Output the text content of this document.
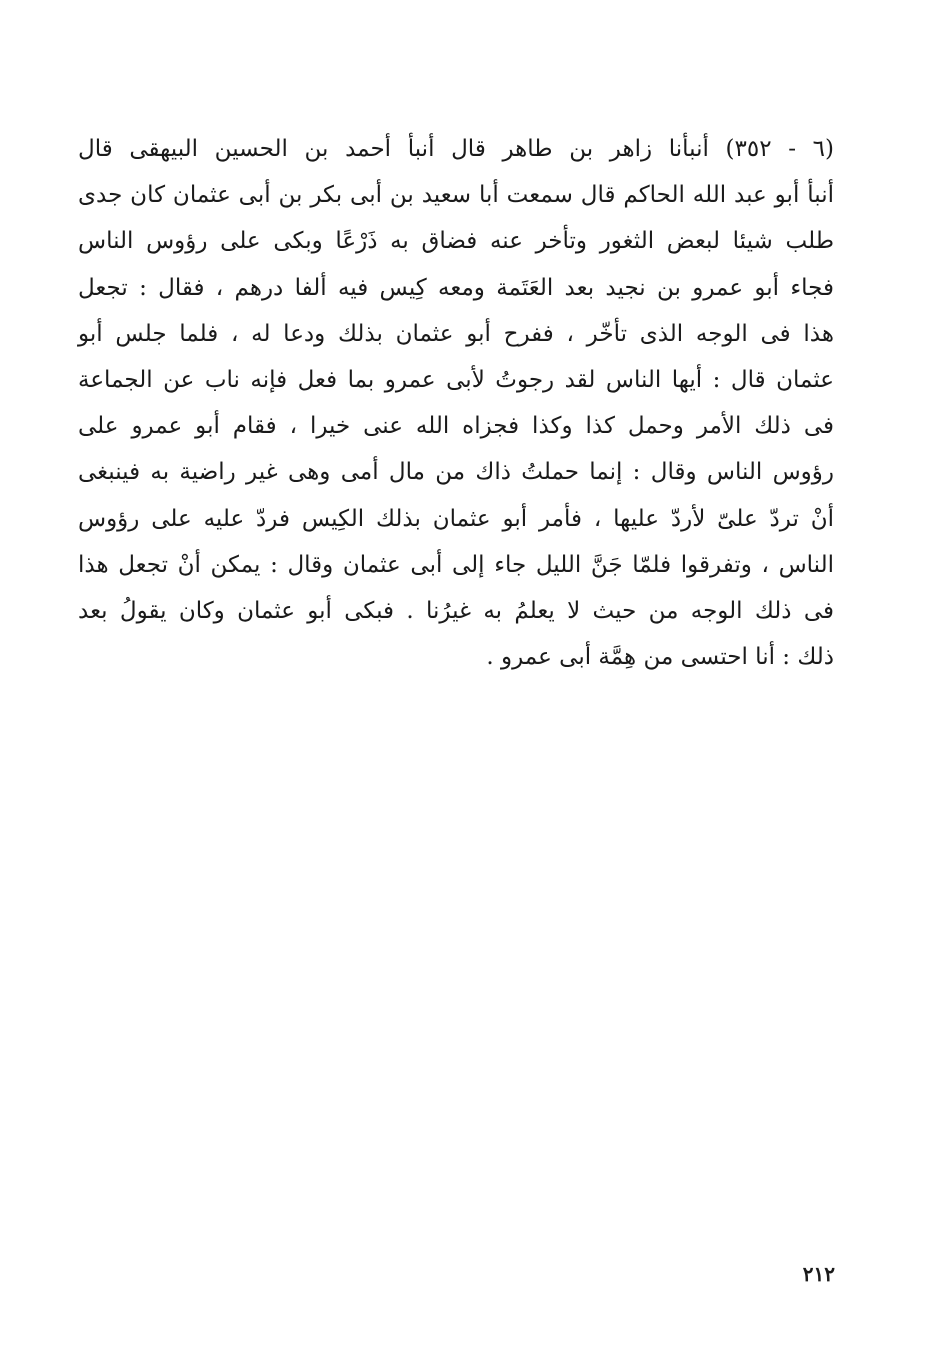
(٦ - ٣٥٢) أنبأنا زاهر بن طاهر قال أنبأ أحمد بن الحسين البيهقى قال
أنبأ أبو عبد الله الحاكم قال سمعت أبا سعيد بن أبى بكر بن أبى عثمان كان جدى
طلب شيئا لبعض الثغور وتأخر عنه فضاق به ذَرْعًا وبكى على رؤوس الناس
فجاء أبو عمرو بن نجيد بعد العَتَمة ومعه كِيس فيه ألفا درهم ، فقال : تجعل
هذا فى الوجه الذى تأخّر ، ففرح أبو عثمان بذلك ودعا له ، فلما جلس أبو
عثمان قال : أيها الناس لقد رجوتُ لأبى عمرو بما فعل فإنه ناب عن الجماعة
فى ذلك الأمر وحمل كذا وكذا فجزاه الله عنى خيرا ، فقام أبو عمرو على
رؤوس الناس وقال : إنما حملتُ ذاك من مال أمى وهى غير راضية به فينبغى
أنْ تردّ علىّ لأردّ عليها ، فأمر أبو عثمان بذلك الكِيس فردّ عليه على رؤوس
الناس ، وتفرقوا فلمّا جَنَّ الليل جاء إلى أبى عثمان وقال : يمكن أنْ تجعل هذا
فى ذلك الوجه من حيث لا يعلمُ به غيرُنا . فبكى أبو عثمان وكان يقولُ بعد
ذلك : أنا احتسى من هِمَّة أبى عمرو .
٢١٢
